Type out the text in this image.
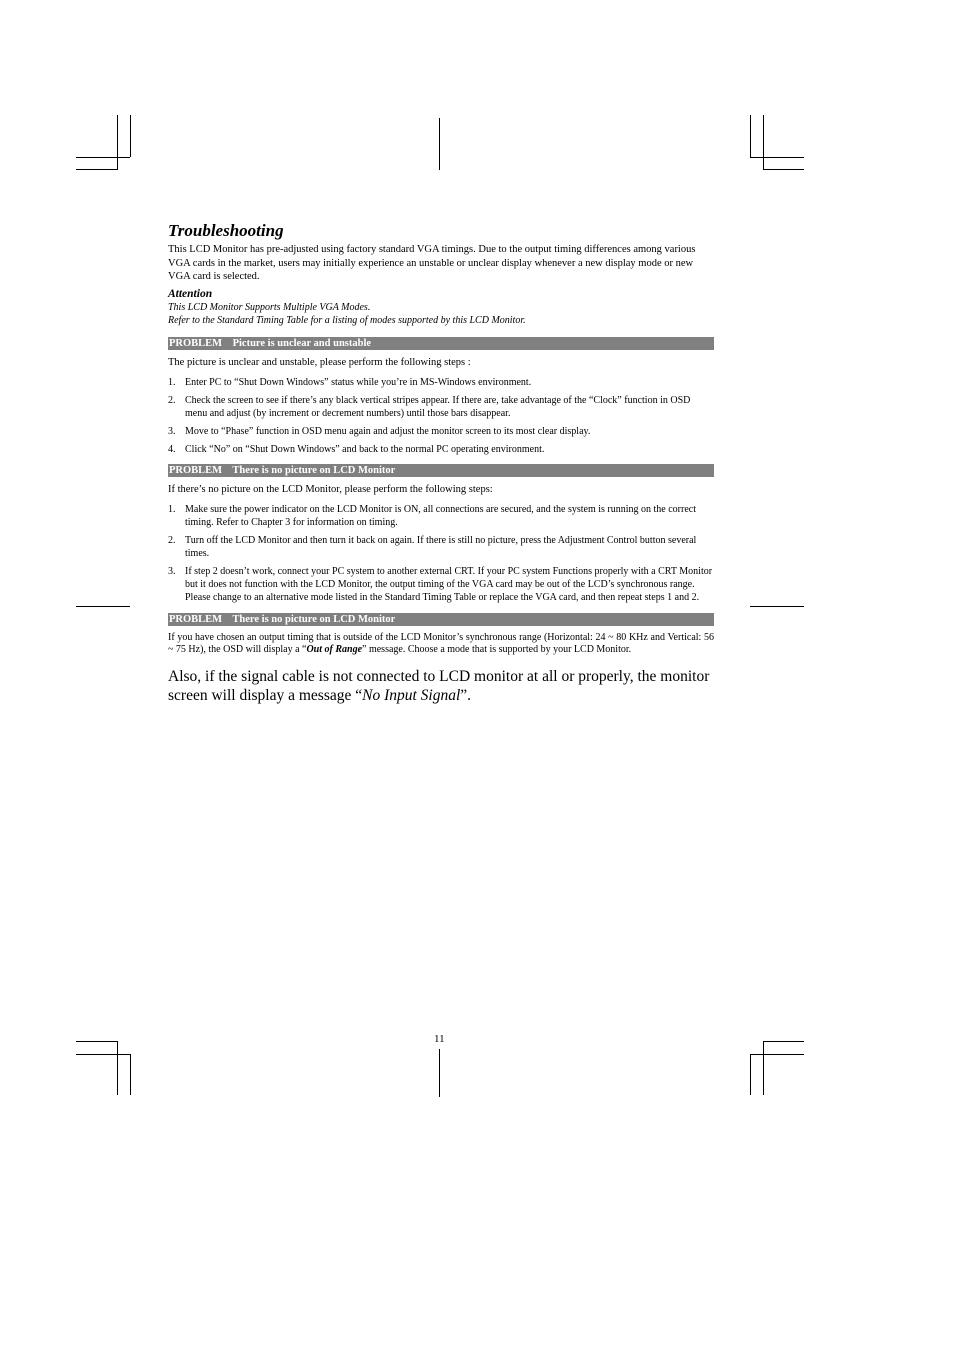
Troubleshooting

This LCD Monitor has pre-adjusted using factory standard VGA timings. Due to the output timing differences among various VGA cards in the market, users may initially experience an unstable or unclear display whenever a new display mode or new VGA card is selected.

Attention

This LCD Monitor Supports Multiple VGA Modes.

Refer to the Standard Timing Table for a listing of modes supported by this LCD Monitor.

PROBLEM    Picture is unclear and unstable

The picture is unclear and unstable, please perform the following steps :

1. Enter PC to “Shut Down Windows” status while you’re in MS-Windows environment.
2. Check the screen to see if there’s any black vertical stripes appear. If there are, take advantage of the “Clock” function in OSD menu and adjust (by increment or decrement numbers) until those bars disappear.
3. Move to “Phase” function in OSD menu again and adjust the monitor screen to its most clear display.
4. Click “No” on “Shut Down Windows” and back to the normal PC operating environment.
PROBLEM    There is no picture on LCD Monitor

If there’s no picture on the LCD Monitor, please perform the following steps:

1. Make sure the power indicator on the LCD Monitor is ON, all connections are secured, and the system is running on the correct timing. Refer to Chapter 3 for information on timing.
2. Turn off the LCD Monitor and then turn it back on again. If there is still no picture, press the Adjustment Control button several times.
3. If step 2 doesn’t work, connect your PC system to another external CRT. If your PC system Functions properly with a CRT Monitor but it does not function with the LCD Monitor, the output timing of the VGA card may be out of the LCD’s synchronous range. Please change to an alternative mode listed in the Standard Timing Table or replace the VGA card, and then repeat steps 1 and 2.
PROBLEM    There is no picture on LCD Monitor

If you have chosen an output timing that is outside of the LCD Monitor’s synchronous range (Horizontal: 24 ~ 80 KHz and Vertical: 56 ~ 75 Hz), the OSD will display a “Out of Range” message. Choose a mode that is supported by your LCD Monitor.

Also, if the signal cable is not connected to LCD monitor at all or properly, the monitor screen will display a message “No Input Signal”.

11
